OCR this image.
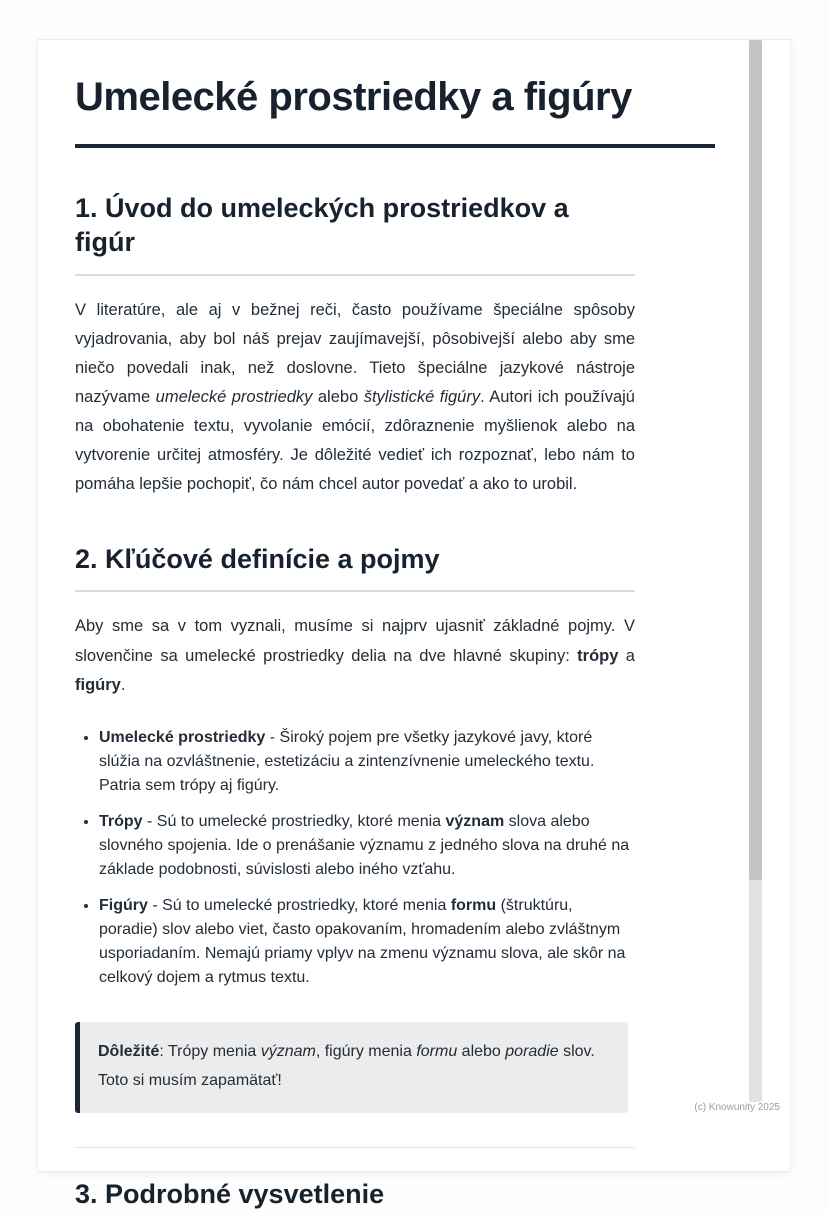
Umelecké prostriedky a figúry
1. Úvod do umeleckých prostriedkov a figúr

V literatúre, ale aj v bežnej reči, často používame špeciálne spôsoby vyjadrovania, aby bol náš prejav zaujímavejší, pôsobivejší alebo aby sme niečo povedali inak, než doslovne. Tieto špeciálne jazykové nástroje nazývame umelecké prostriedky alebo štylistické figúry. Autori ich používajú na obohatenie textu, vyvolanie emócií, zdôraznenie myšlienok alebo na vytvorenie určitej atmosféry. Je dôležité vedieť ich rozpoznať, lebo nám to pomáha lepšie pochopiť, čo nám chcel autor povedať a ako to urobil.

2. Kľúčové definície a pojmy

Aby sme sa v tom vyznali, musíme si najprv ujasniť základné pojmy. V slovenčine sa umelecké prostriedky delia na dve hlavné skupiny: trópy a figúry.

• Umelecké prostriedky - Široký pojem pre všetky jazykové javy, ktoré slúžia na ozvláštnenie, estetizáciu a zintenzívnenie umeleckého textu. Patria sem trópy aj figúry.
• Trópy - Sú to umelecké prostriedky, ktoré menia význam slova alebo slovného spojenia. Ide o prenášanie významu z jedného slova na druhé na základe podobnosti, súvislosti alebo iného vzťahu.
• Figúry - Sú to umelecké prostriedky, ktoré menia formu (štruktúru, poradie) slov alebo viet, často opakovaním, hromadením alebo zvláštnym usporiadaním. Nemajú priamy vplyv na zmenu významu slova, ale skôr na celkový dojem a rytmus textu.
Dôležité: Trópy menia význam, figúry menia formu alebo poradie slov. Toto si musím zapamätať!
3. Podrobné vysvetlenie
(c) Knowunity 2025
